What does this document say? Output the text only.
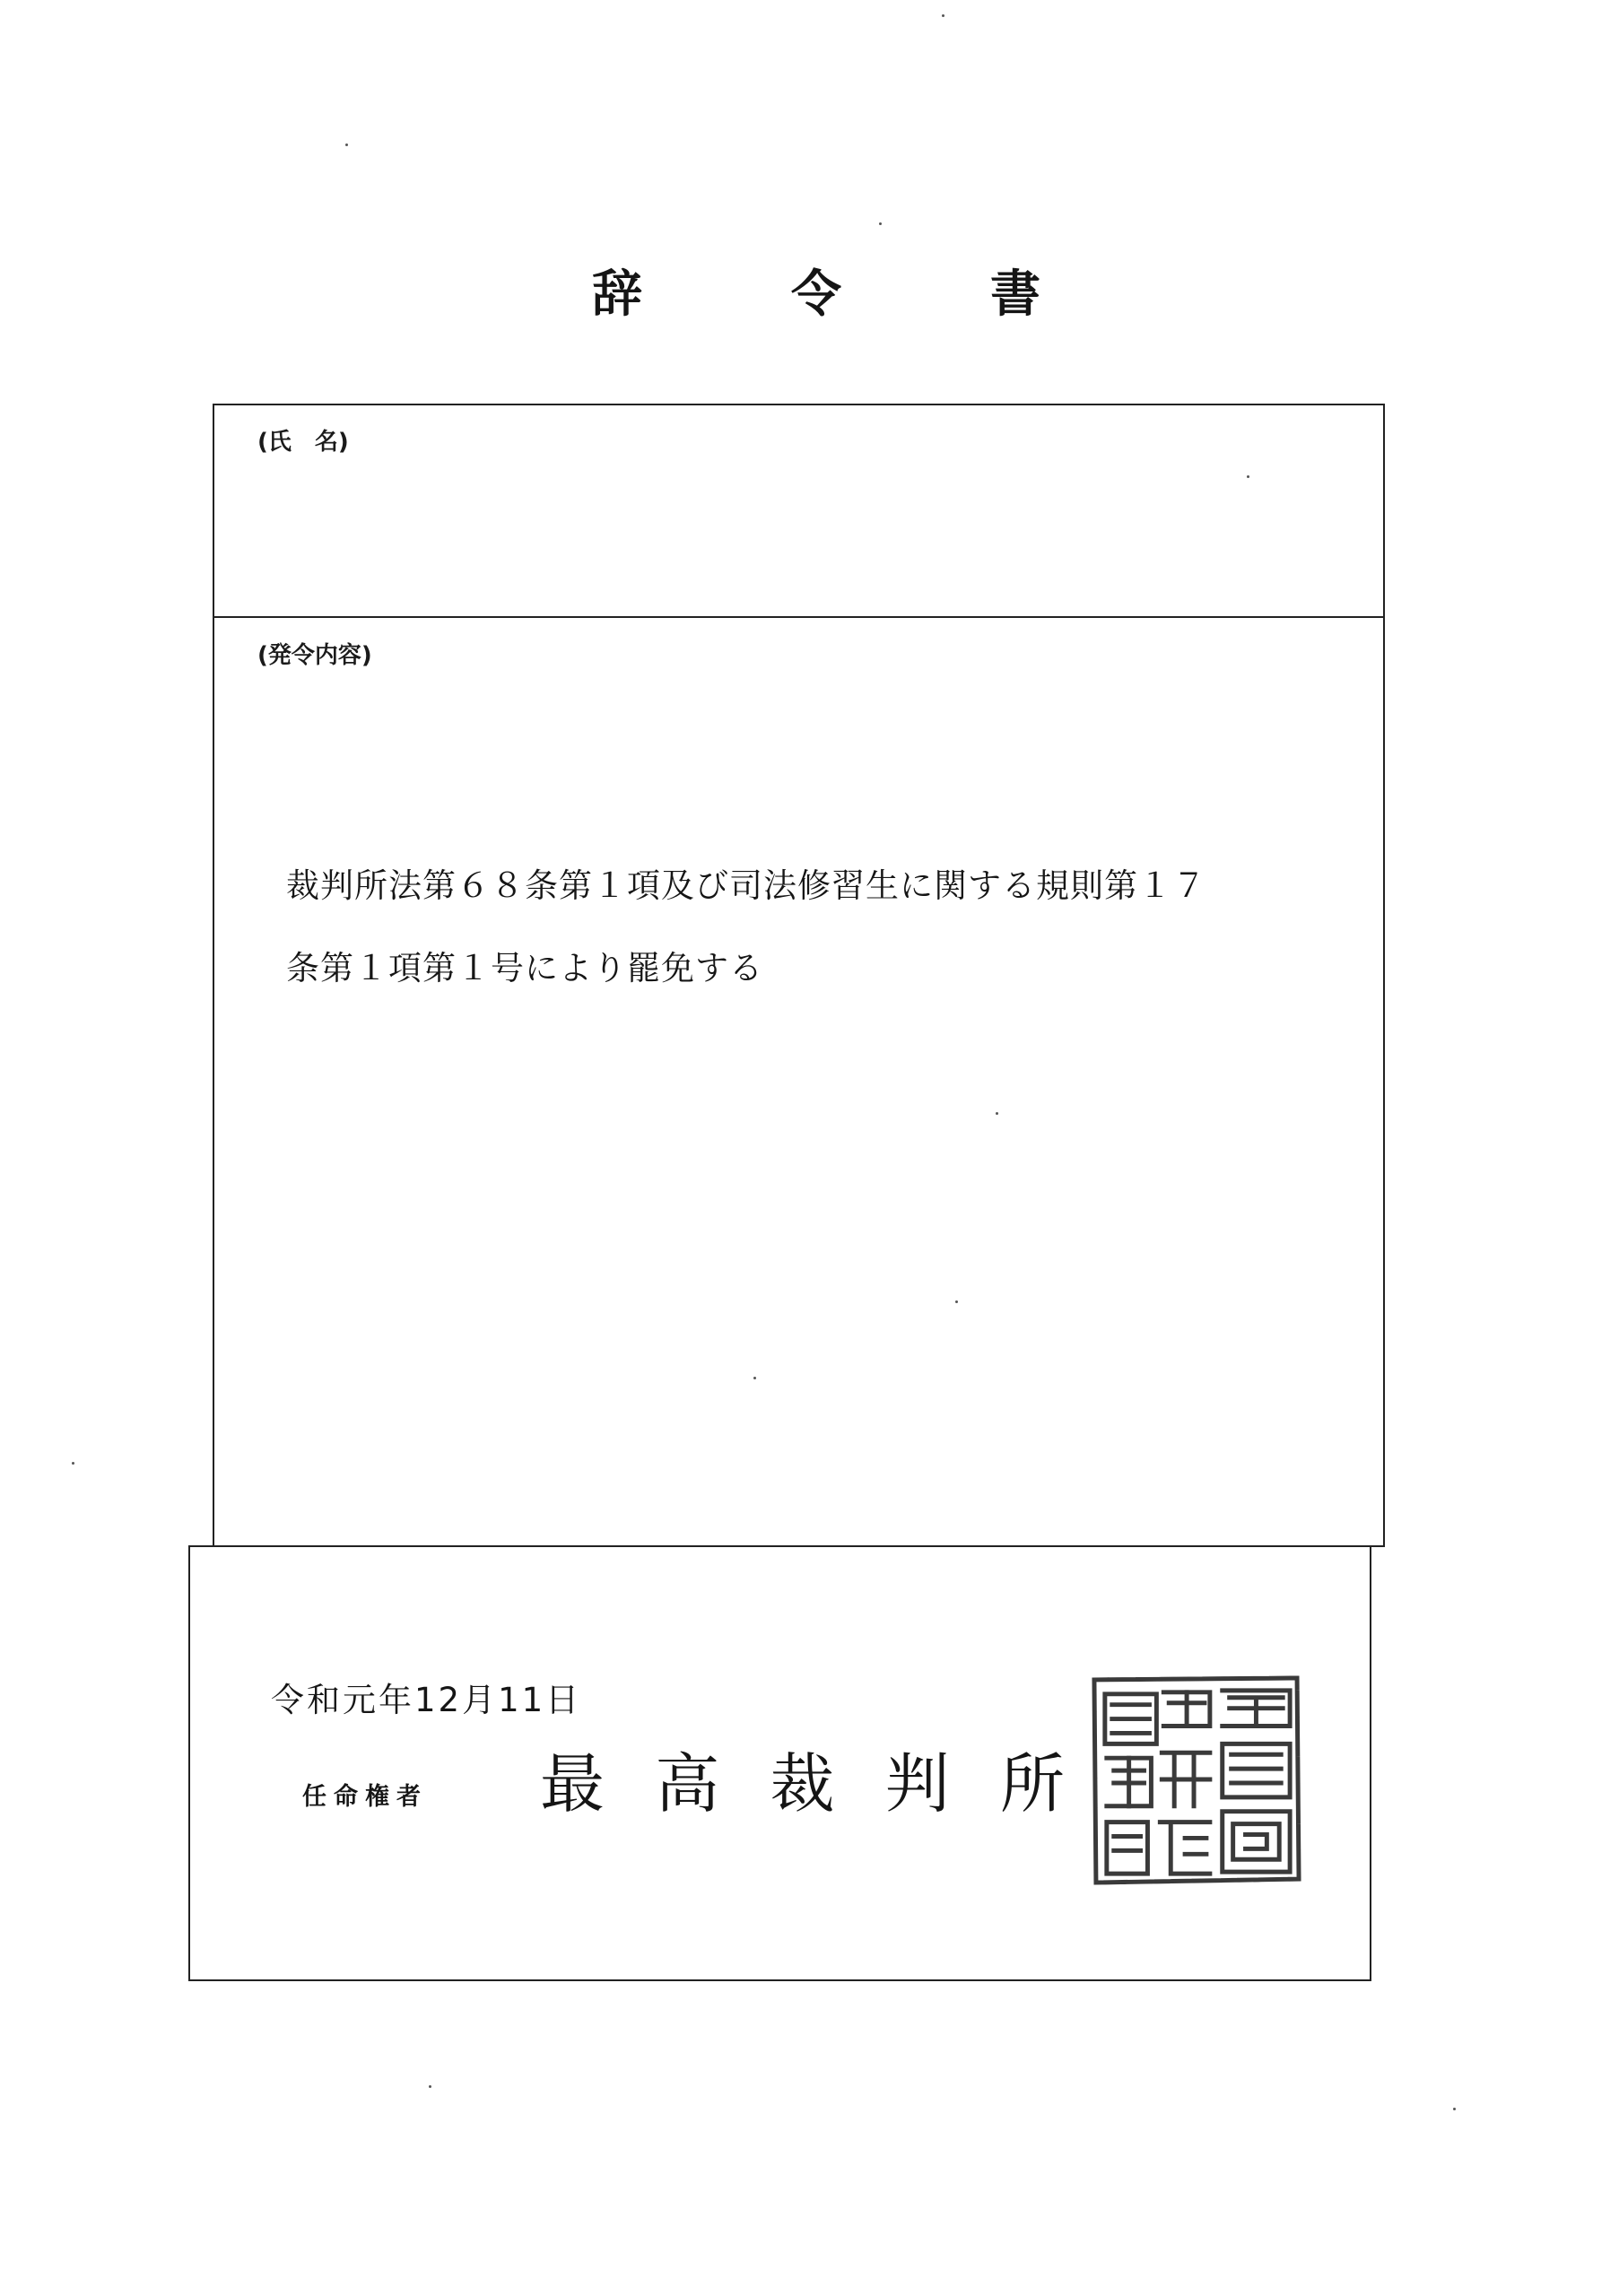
辞	令	書
(氏　名)
(発令内容)
裁判所法第６８条第１項及び司法修習生に関する規則第１７
条第１項第１号により罷免する
令和元年12月11日
任命権者 最 高 裁 判 所
